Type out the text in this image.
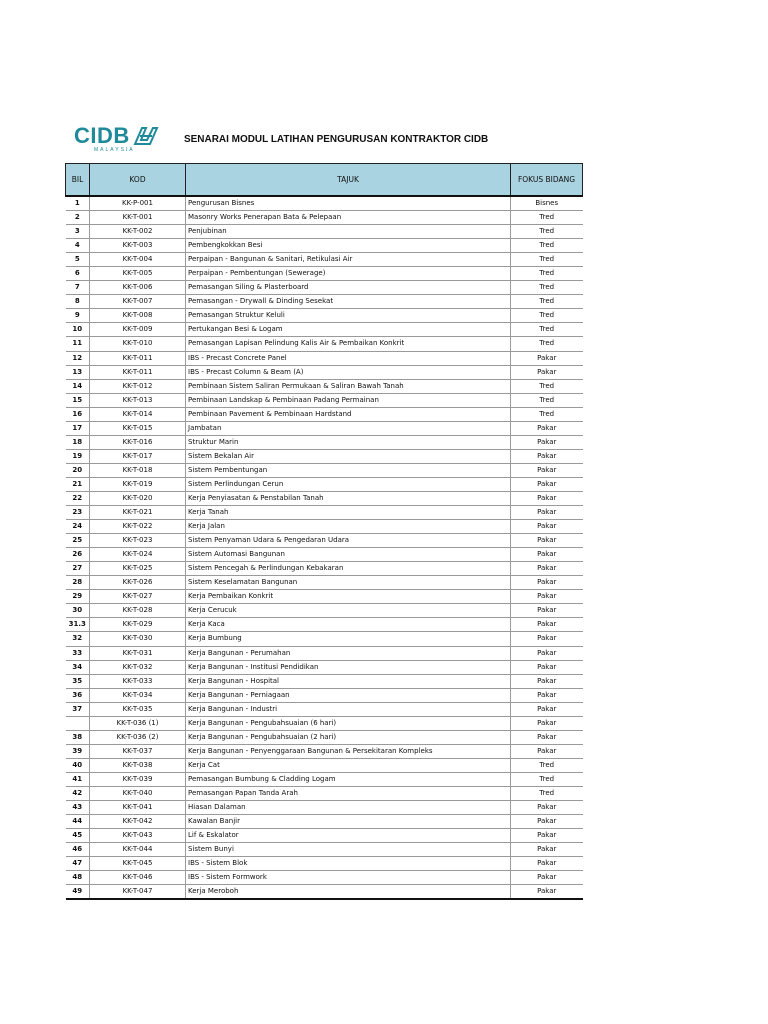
CIDB
MALAYSIA
SENARAI MODUL LATIHAN PENGURUSAN KONTRAKTOR CIDB
BIL	KOD	TAJUK	FOKUS BIDANG
1	KK-P-001	Pengurusan Bisnes	Bisnes
2	KK-T-001	Masonry Works Penerapan Bata & Pelepaan	Tred
3	KK-T-002	Penjubinan	Tred
4	KK-T-003	Pembengkokkan Besi	Tred
5	KK-T-004	Perpaipan - Bangunan & Sanitari, Retikulasi Air	Tred
6	KK-T-005	Perpaipan - Pembentungan (Sewerage)	Tred
7	KK-T-006	Pemasangan Siling & Plasterboard	Tred
8	KK-T-007	Pemasangan - Drywall & Dinding Sesekat	Tred
9	KK-T-008	Pemasangan Struktur Keluli	Tred
10	KK-T-009	Pertukangan Besi & Logam	Tred
11	KK-T-010	Pemasangan Lapisan Pelindung Kalis Air & Pembaikan Konkrit	Tred
12	KK-T-011	IBS - Precast Concrete Panel	Pakar
13	KK-T-011	IBS - Precast Column & Beam (A)	Pakar
14	KK-T-012	Pembinaan Sistem Saliran Permukaan & Saliran Bawah Tanah	Tred
15	KK-T-013	Pembinaan Landskap & Pembinaan Padang Permainan	Tred
16	KK-T-014	Pembinaan Pavement & Pembinaan Hardstand	Tred
17	KK-T-015	Jambatan	Pakar
18	KK-T-016	Struktur Marin	Pakar
19	KK-T-017	Sistem Bekalan Air	Pakar
20	KK-T-018	Sistem Pembentungan	Pakar
21	KK-T-019	Sistem Perlindungan Cerun	Pakar
22	KK-T-020	Kerja Penyiasatan & Penstabilan Tanah	Pakar
23	KK-T-021	Kerja Tanah	Pakar
24	KK-T-022	Kerja Jalan	Pakar
25	KK-T-023	Sistem Penyaman Udara & Pengedaran Udara	Pakar
26	KK-T-024	Sistem Automasi Bangunan	Pakar
27	KK-T-025	Sistem Pencegah & Perlindungan Kebakaran	Pakar
28	KK-T-026	Sistem Keselamatan Bangunan	Pakar
29	KK-T-027	Kerja Pembaikan Konkrit	Pakar
30	KK-T-028	Kerja Cerucuk	Pakar
31.3	KK-T-029	Kerja Kaca	Pakar
32	KK-T-030	Kerja Bumbung	Pakar
33	KK-T-031	Kerja Bangunan - Perumahan	Pakar
34	KK-T-032	Kerja Bangunan - Institusi Pendidikan	Pakar
35	KK-T-033	Kerja Bangunan - Hospital	Pakar
36	KK-T-034	Kerja Bangunan - Perniagaan	Pakar
37	KK-T-035	Kerja Bangunan - Industri	Pakar
	KK-T-036 (1)	Kerja Bangunan - Pengubahsuaian (6 hari)	Pakar
38	KK-T-036 (2)	Kerja Bangunan - Pengubahsuaian (2 hari)	Pakar
39	KK-T-037	Kerja Bangunan - Penyenggaraan Bangunan & Persekitaran Kompleks	Pakar
40	KK-T-038	Kerja Cat	Tred
41	KK-T-039	Pemasangan Bumbung & Cladding Logam	Tred
42	KK-T-040	Pemasangan Papan Tanda Arah	Tred
43	KK-T-041	Hiasan Dalaman	Pakar
44	KK-T-042	Kawalan Banjir	Pakar
45	KK-T-043	Lif & Eskalator	Pakar
46	KK-T-044	Sistem Bunyi	Pakar
47	KK-T-045	IBS - Sistem Blok	Pakar
48	KK-T-046	IBS - Sistem Formwork	Pakar
49	KK-T-047	Kerja Meroboh	Pakar
